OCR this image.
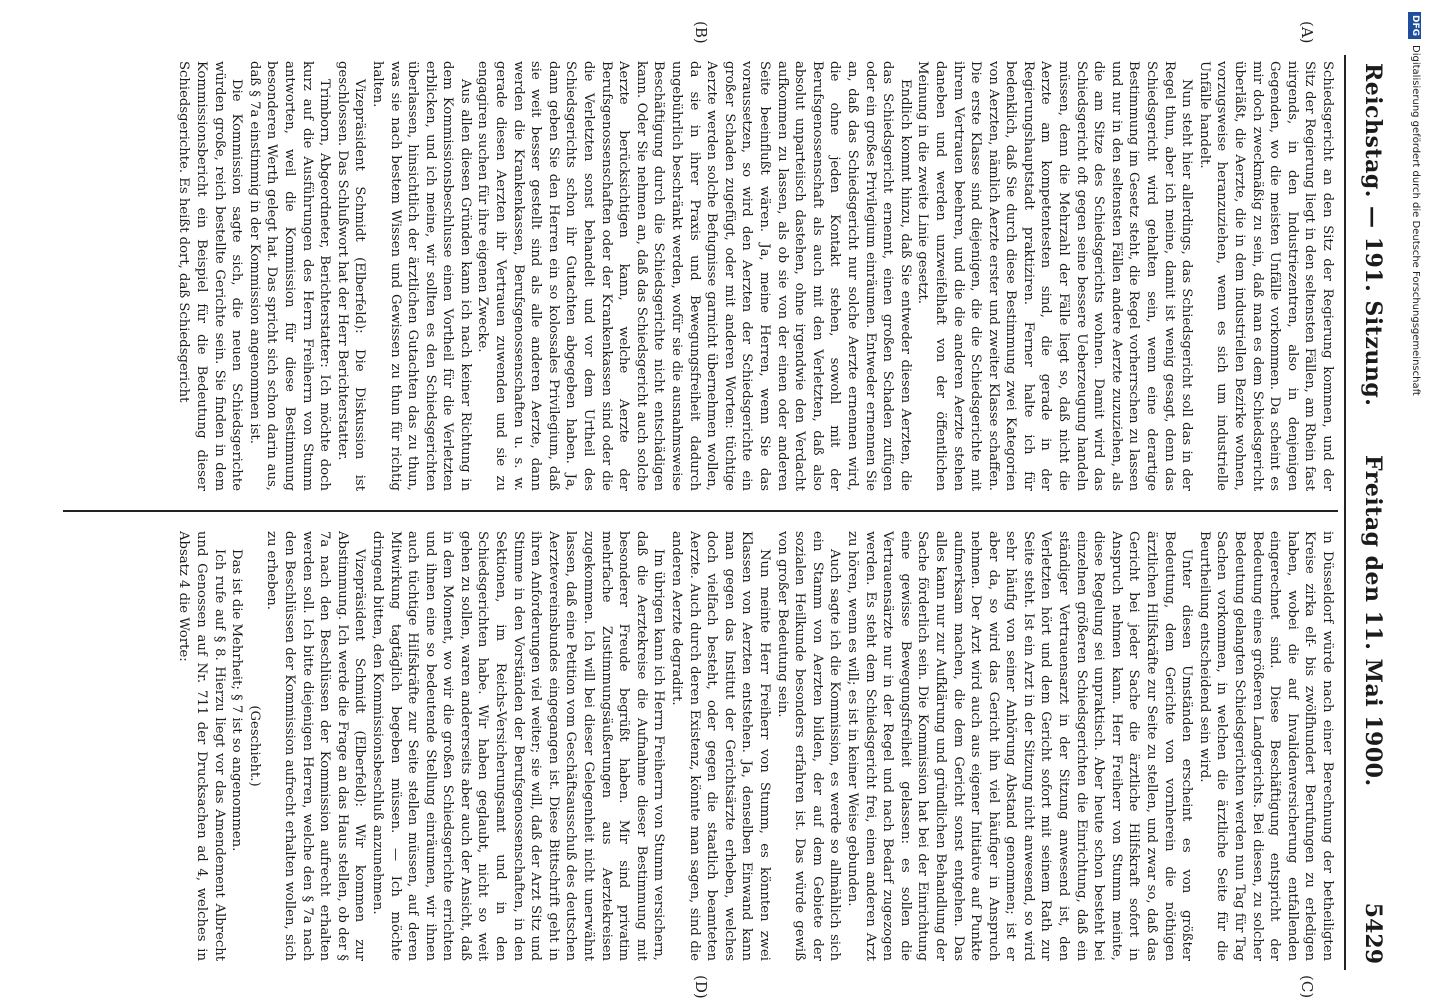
Reichstag. — 191. Sitzung.
Freitag den 11. Mai 1900.
5429

Schiedsgericht an den Sitz der Regierung kommen, und der Sitz der Regierung liegt in den seltensten Fällen, am Rhein fast nirgends, in den Industriezentren, also in denjenigen Gegenden, wo die meisten Unfälle vorkommen. Da scheint es mir doch zweckmäßig zu sein, daß man es dem Schiedsgericht überläßt, die Aerzte, die in dem industriellen Bezirke wohnen, vorzugsweise heranzuziehen, wenn es sich um industrielle Unfälle handelt.

Nun steht hier allerdings, das Schiedsgericht soll das in der Regel thun, aber ich meine, damit ist wenig gesagt, denn das Schiedsgericht wird gehalten sein, wenn eine derartige Bestimmung im Gesetz steht, die Regel vorherrschen zu lassen und nur in den seltensten Fällen andere Aerzte zuzuziehen, als die am Sitze des Schiedsgerichts wohnen. Damit wird das Schiedsgericht oft gegen seine bessere Ueberzeugung handeln müssen, denn die Mehrzahl der Fälle liegt so, daß nicht die Aerzte am kompetentesten sind, die gerade in der Regierungshauptstadt praktiziren. Ferner halte ich für bedenklich, daß Sie durch diese Bestimmung zwei Kategorien von Aerzten, nämlich Aerzte erster und zweiter Klasse schaffen. Die erste Klasse sind diejenigen, die die Schiedsgerichte mit ihrem Vertrauen beehren, und die die anderen Aerzte stehen daneben und werden unzweifelhaft von der öffentlichen Meinung in die zweite Linie gesetzt.

Endlich kommt hinzu, daß Sie entweder diesen Aerzten, die das Schiedsgericht ernennt, einen großen Schaden zufügen oder ein großes Privilegium einräumen. Entweder ernennen Sie an, daß das Schiedsgericht nur solche Aerzte ernennen wird, die ohne jeden Kontakt stehen, sowohl mit der Berufsgenossenschaft als auch mit den Verletzten, daß also absolut unparteiisch dastehen, ohne irgendwie den Verdacht aufkommen zu lassen, als ob sie von der einen oder anderen Seite beeinflußt wären. Ja, meine Herren, wenn Sie das voraussetzen, so wird den Aerzten der Schiedsgerichte ein großer Schaden zugefügt, oder mit anderen Worten: tüchtige Aerzte werden solche Befugnisse garnicht übernehmen wollen, da sie in ihrer Praxis und Bewegungsfreiheit dadurch ungebührlich beschränkt werden, wofür sie die ausnahmsweise Beschäftigung durch die Schiedsgerichte nicht entschädigen kann. Oder Sie nehmen an, daß das Schiedsgericht auch solche Aerzte berücksichtigen kann, welche Aerzte der Berufsgenossenschaften oder der Krankenkassen sind oder die die Verletzten sonst behandelt und vor dem Urtheil des Schiedsgerichts schon ihr Gutachten abgegeben haben. Ja, dann geben Sie den Herren ein so kolossales Privilegium, daß sie weit besser gestellt sind als alle anderen Aerzte, dann werden die Krankenkassen, Berufsgenossenschaften u. s. w. gerade diesen Aerzten ihr Vertrauen zuwenden und sie zu engagiren suchen für ihre eigenen Zwecke.

Aus allen diesen Gründen kann ich nach keiner Richtung in dem Kommissionsbeschlusse einen Vortheil für die Verletzten erblicken, und ich meine, wir sollten es den Schiedsgerichten überlassen, hinsichtlich der ärztlichen Gutachten das zu thun, was sie nach bestem Wissen und Gewissen zu thun für richtig halten.

Vizepräsident Schmidt (Elberfeld): Die Diskussion ist geschlossen. Das Schlußwort hat der Herr Berichterstatter.

Trimborn, Abgeordneter, Berichterstatter: Ich möchte doch kurz auf die Ausführungen des Herrn Freiherrn von Stumm antworten, weil die Kommission für diese Bestimmung besonderen Werth gelegt hat. Das spricht sich schon darin aus, daß § 7a einstimmig in der Kommission angenommen ist.

Die Kommission sagte sich, die neuen Schiedsgerichte würden große, reich bestellte Gerichte sein. Sie finden in dem Kommissionsbericht ein Beispiel für die Bedeutung dieser Schiedsgerichte. Es heißt dort, daß Schiedsgericht

in Düsseldorf würde nach einer Berechnung der betheiligten Kreise zirka elf- bis zwölfhundert Berufungen zu erledigen haben, wobei die auf Invalidenversicherung entfallenden eingerechnet sind. Diese Beschäftigung entspricht der Bedeutung eines größeren Landgerichts. Bei diesen, zu solcher Bedeutung gelangten Schiedsgerichten werden nun Tag für Tag Sachen vorkommen, in welchen die ärztliche Seite für die Beurtheilung entscheidend sein wird.

Unter diesen Umständen erscheint es von größter Bedeutung, dem Gerichte von vornherein die nöthigen ärztlichen Hilfskräfte zur Seite zu stellen, und zwar so, daß das Gericht bei jeder Sache die ärztliche Hilfskraft sofort in Anspruch nehmen kann. Herr Freiherr von Stumm meinte, diese Regelung sei unpraktisch. Aber heute schon besteht bei einzelnen größeren Schiedsgerichten die Einrichtung, daß ein ständiger Vertrauensarzt in der Sitzung anwesend ist, den Verletzten hört und dem Gericht sofort mit seinem Rath zur Seite steht. Ist ein Arzt in der Sitzung nicht anwesend, so wird sehr häufig von seiner Anhörung Abstand genommen; ist er aber da, so wird das Gericht ihn viel häufiger in Anspruch nehmen. Der Arzt wird auch aus eigener Initiative auf Punkte aufmerksam machen, die dem Gericht sonst entgehen. Das alles kann nur zur Aufklärung und gründlichen Behandlung der Sache förderlich sein. Die Kommission hat bei der Einrichtung eine gewisse Bewegungsfreiheit gelassen: es sollen die Vertrauensärzte nur in der Regel und nach Bedarf zugezogen werden. Es steht dem Schiedsgericht frei, einen anderen Arzt zu hören, wenn es will; es ist in keiner Weise gebunden.

Auch sagte ich die Kommission, es werde so allmählich sich ein Stamm von Aerzten bilden, der auf dem Gebiete der sozialen Heilkunde besonders erfahren ist. Das würde gewiß von großer Bedeutung sein.

Nun meinte Herr Freiherr von Stumm, es könnten zwei Klassen von Aerzten entstehen. Ja, denselben Einwand kann man gegen das Institut der Gerichtsärzte erheben, welches doch vielfach besteht, oder gegen die staatlich beamteten Aerzte. Auch durch deren Existenz, könnte man sagen, sind die anderen Aerzte degradirt.

Im übrigen kann ich Herrn Freiherrn von Stumm versichern, daß die Aerztekreise die Aufnahme dieser Bestimmung mit besonderer Freude begrüßt haben. Mir sind privatim mehrfache Zustimmungsäußerungen aus Aerztekreisen zugekommen. Ich will bei dieser Gelegenheit nicht unerwähnt lassen, daß eine Petition vom Geschäftsausschuß des deutschen Aerztevereinsbundes eingegangen ist. Diese Bittschrift geht in ihren Anforderungen viel weiter; sie will, daß der Arzt Sitz und Stimme in den Vorständen der Berufsgenossenschaften, in den Sektionen, im Reichs-Versicherungsamt und in den Schiedsgerichten habe. Wir haben geglaubt, nicht so weit gehen zu sollen, waren andererseits aber auch der Ansicht, daß in dem Moment, wo wir die großen Schiedsgerichte errichten und ihnen eine so bedeutende Stellung einräumen, wir ihnen auch tüchtige Hilfskräfte zur Seite stellen müssen, auf deren Mitwirkung tagtäglich begeben müssen. — Ich möchte dringend bitten, den Kommissionsbeschluß anzunehmen.

Vizepräsident Schmidt (Elberfeld): Wir kommen zur Abstimmung. Ich werde die Frage an das Haus stellen, ob der § 7a nach den Beschlüssen der Kommission aufrecht erhalten werden soll. Ich bitte diejenigen Herren, welche den § 7a nach den Beschlüssen der Kommission aufrecht erhalten wollen, sich zu erheben.

(Geschieht.)

Das ist die Mehrheit; § 7 ist so angenommen.

Ich rufe auf § 8. Hierzu liegt vor das Amendement Albrecht und Genossen auf Nr. 711 der Drucksachen ad 4, welches in Absatz 4 die Worte:

(A)
(B)
(C)
(D)
DFGDigitalisierung gefördert durch die Deutsche Forschungsgemeinschaft
